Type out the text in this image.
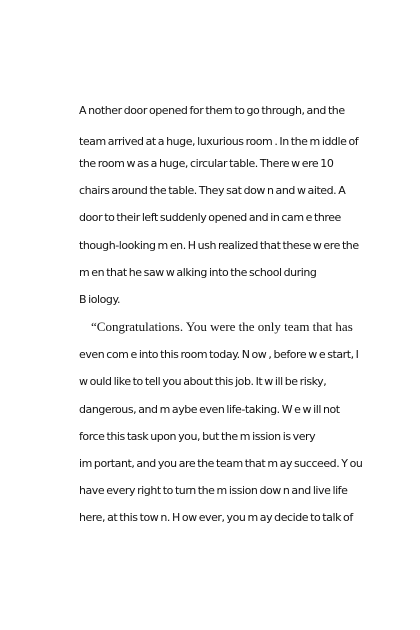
A nother door opened for them to go through, and the
team arrived at a huge, luxurious room . In the m iddle of
the room w as a huge, circular table. There w ere 10
chairs around the table. They sat dow n and w aited. A
door to their left suddenly opened and in cam e three
though-looking m en. H ush realized that these w ere the
m en that he saw w alking into the school during
B iology.
“Congratulations. You were the only team that has
even com e into this room today. N ow , before w e start, I
w ould like to tell you about this job. It w ill be risky,
dangerous, and m aybe even life-taking. W e w ill not
force this task upon you, but the m ission is very
im portant, and you are the team that m ay succeed. Y ou
have every right to turn the m ission dow n and live life
here, at this tow n. H ow ever, you m ay decide to talk of
